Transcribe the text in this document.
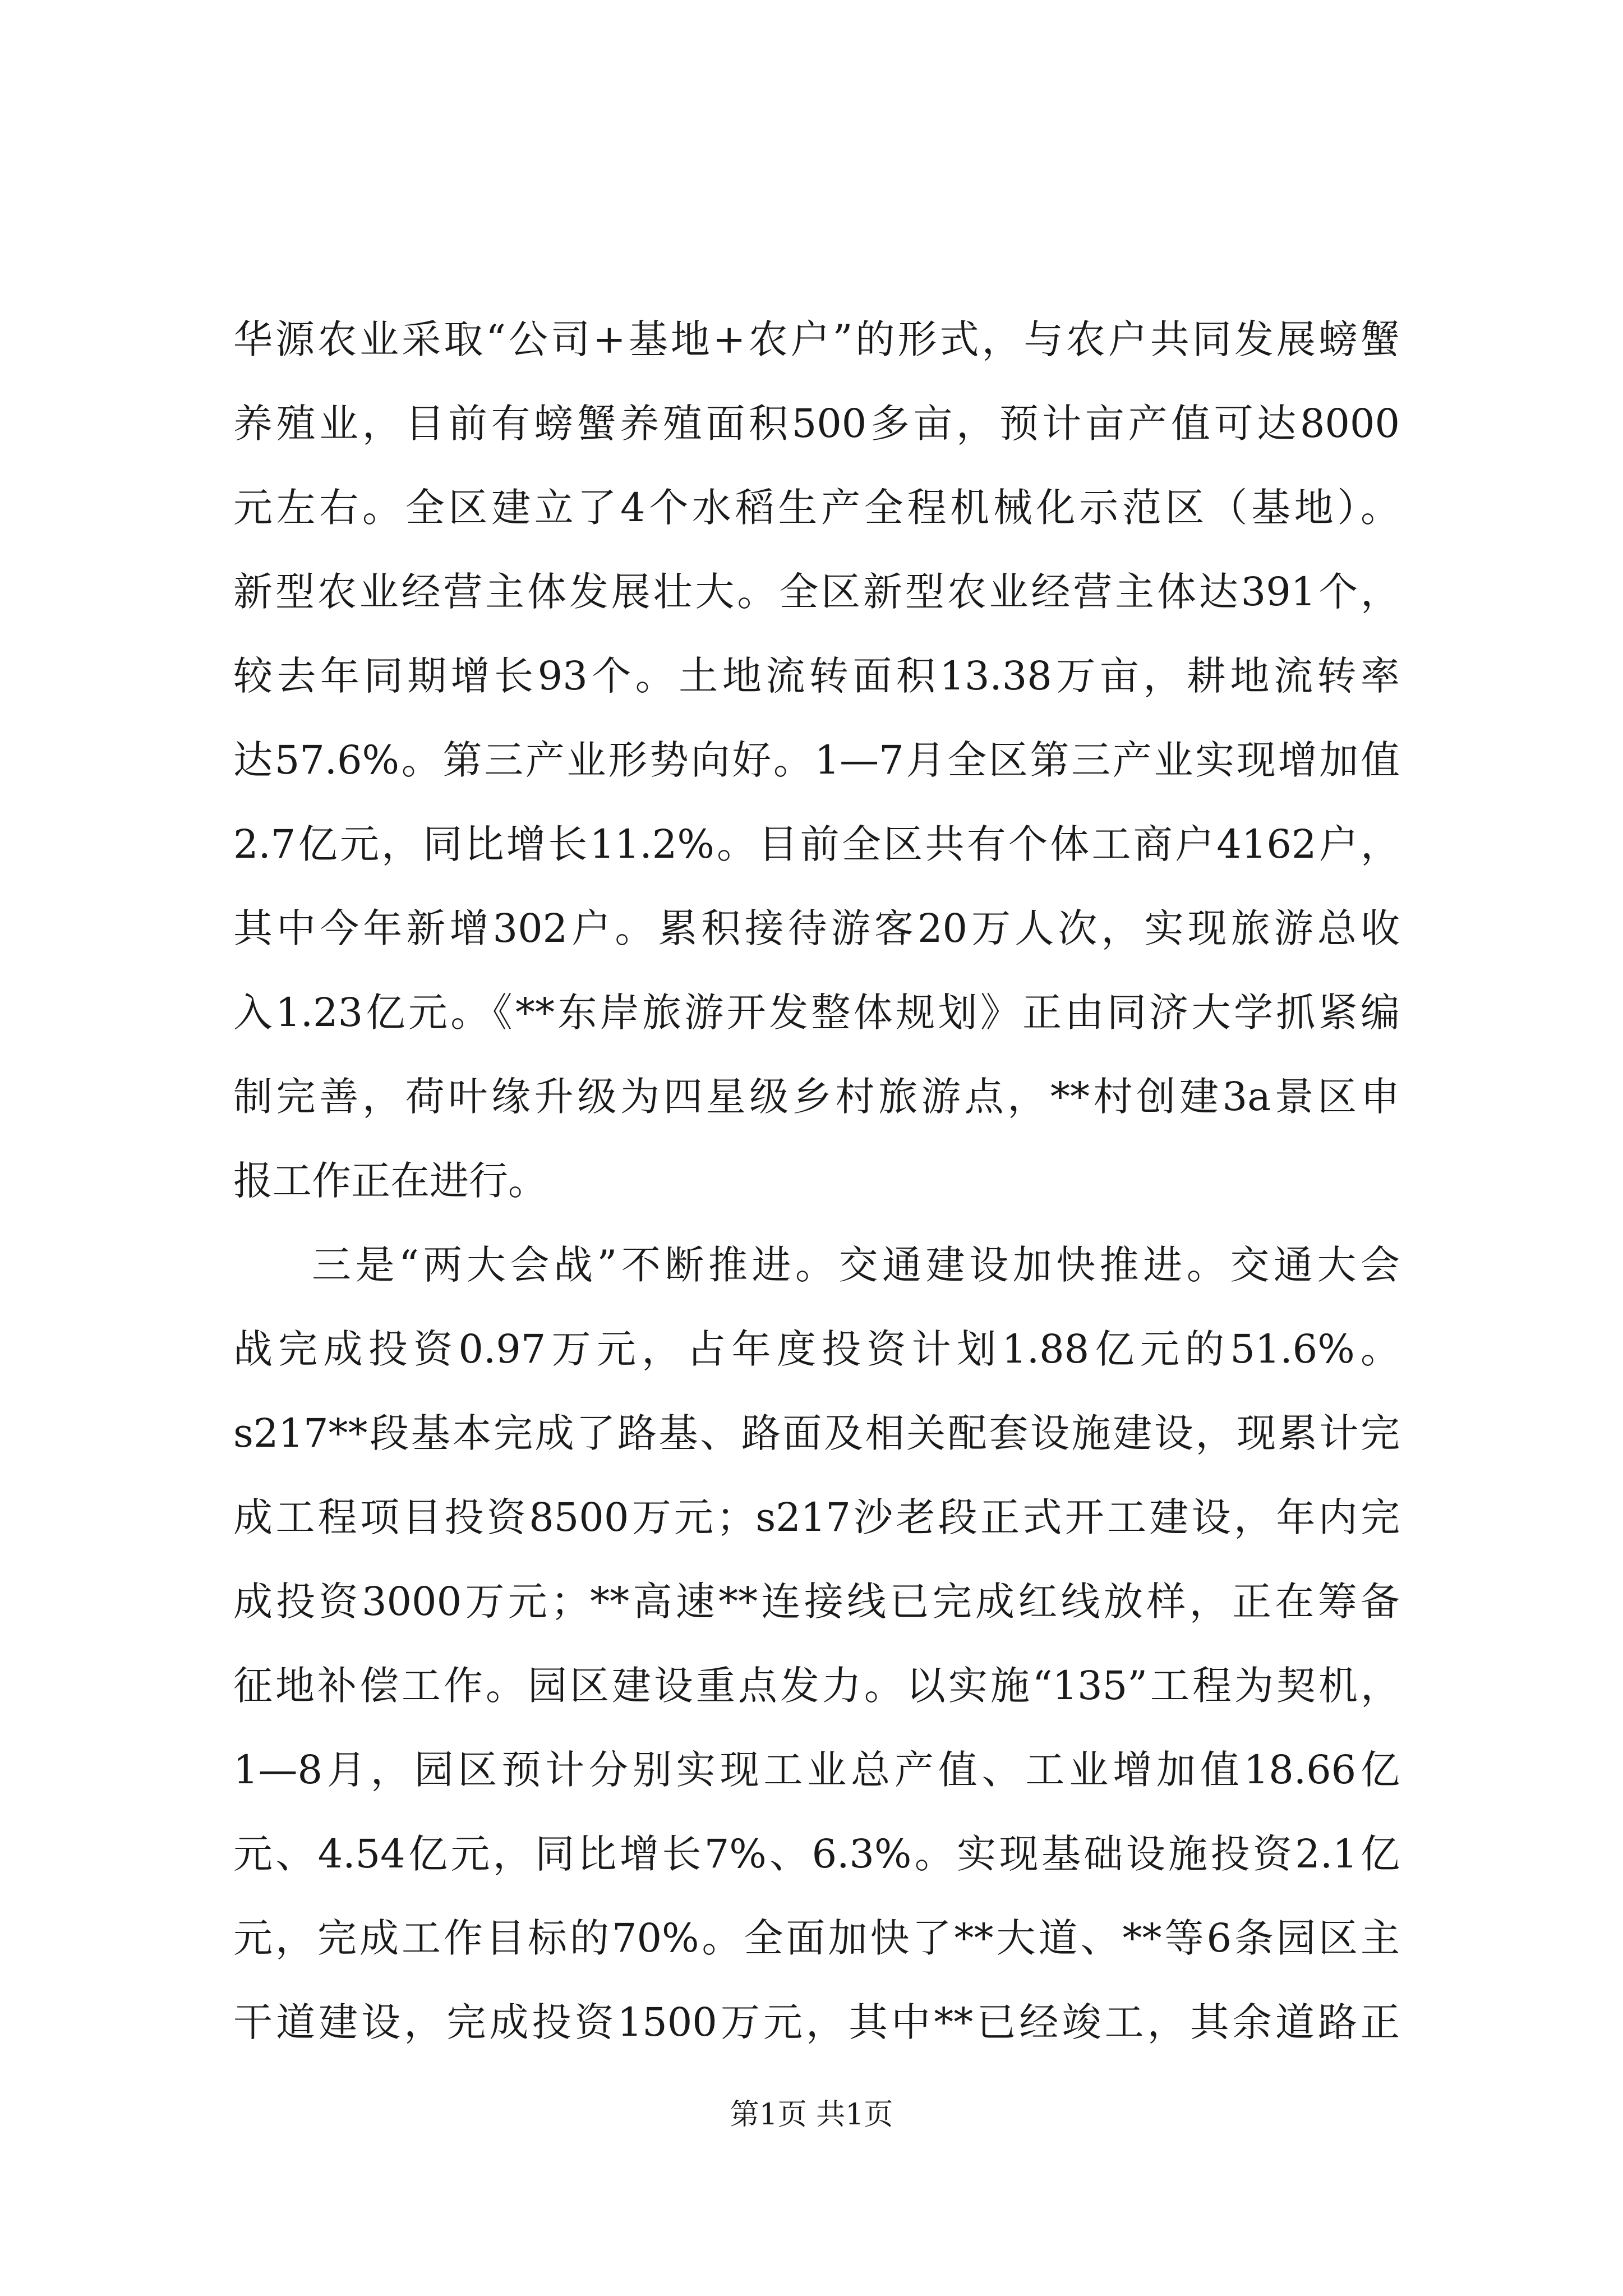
华源农业采取“公司+基地+农户”的形式，与农户共同发展螃蟹
养殖业，目前有螃蟹养殖面积500多亩，预计亩产值可达8000
元左右。全区建立了4个水稻生产全程机械化示范区（基地）。
新型农业经营主体发展壮大。全区新型农业经营主体达391个，
较去年同期增长93个。土地流转面积13.38万亩，耕地流转率
达57.6%。第三产业形势向好。1—7月全区第三产业实现增加值
2.7亿元，同比增长11.2%。目前全区共有个体工商户4162户，
其中今年新增302户。累积接待游客20万人次，实现旅游总收
入1.23亿元。《**东岸旅游开发整体规划》正由同济大学抓紧编
制完善，荷叶缘升级为四星级乡村旅游点，**村创建3a景区申
报工作正在进行。
三是“两大会战”不断推进。交通建设加快推进。交通大会
战完成投资0.97万元，占年度投资计划1.88亿元的51.6%。
s217**段基本完成了路基、路面及相关配套设施建设，现累计完
成工程项目投资8500万元；s217沙老段正式开工建设，年内完
成投资3000万元；**高速**连接线已完成红线放样，正在筹备
征地补偿工作。园区建设重点发力。以实施“135”工程为契机，
1—8月，园区预计分别实现工业总产值、工业增加值18.66亿
元、4.54亿元，同比增长7%、6.3%。实现基础设施投资2.1亿
元，完成工作目标的70%。全面加快了**大道、**等6条园区主
干道建设，完成投资1500万元，其中**已经竣工，其余道路正
第1页 共1页
